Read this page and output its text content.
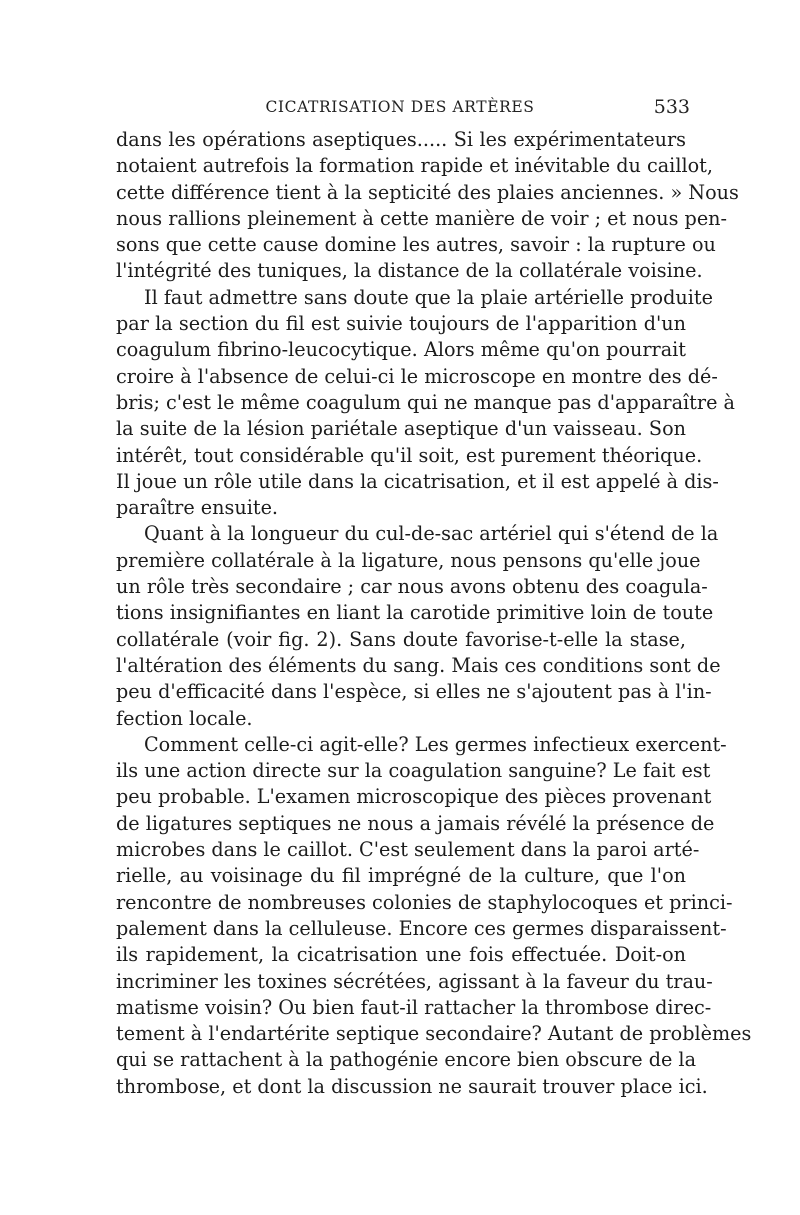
CICATRISATION DES ARTÈRES	533
dans les opérations aseptiques..... Si les expérimentateurs
notaient autrefois la formation rapide et inévitable du caillot,
cette différence tient à la septicité des plaies anciennes. » Nous
nous rallions pleinement à cette manière de voir ; et nous pen-
sons que cette cause domine les autres, savoir : la rupture ou
l'intégrité des tuniques, la distance de la collatérale voisine.
Il faut admettre sans doute que la plaie artérielle produite
par la section du fil est suivie toujours de l'apparition d'un
coagulum fibrino-leucocytique. Alors même qu'on pourrait
croire à l'absence de celui-ci le microscope en montre des dé-
bris; c'est le même coagulum qui ne manque pas d'apparaître à
la suite de la lésion pariétale aseptique d'un vaisseau. Son
intérêt, tout considérable qu'il soit, est purement théorique.
Il joue un rôle utile dans la cicatrisation, et il est appelé à dis-
paraître ensuite.
Quant à la longueur du cul-de-sac artériel qui s'étend de la
première collatérale à la ligature, nous pensons qu'elle joue
un rôle très secondaire ; car nous avons obtenu des coagula-
tions insignifiantes en liant la carotide primitive loin de toute
collatérale (voir fig. 2). Sans doute favorise-t-elle la stase,
l'altération des éléments du sang. Mais ces conditions sont de
peu d'efficacité dans l'espèce, si elles ne s'ajoutent pas à l'in-
fection locale.
Comment celle-ci agit-elle? Les germes infectieux exercent-
ils une action directe sur la coagulation sanguine? Le fait est
peu probable. L'examen microscopique des pièces provenant
de ligatures septiques ne nous a jamais révélé la présence de
microbes dans le caillot. C'est seulement dans la paroi arté-
rielle, au voisinage du fil imprégné de la culture, que l'on
rencontre de nombreuses colonies de staphylocoques et princi-
palement dans la celluleuse. Encore ces germes disparaissent-
ils rapidement, la cicatrisation une fois effectuée. Doit-on
incriminer les toxines sécrétées, agissant à la faveur du trau-
matisme voisin? Ou bien faut-il rattacher la thrombose direc-
tement à l'endartérite septique secondaire? Autant de problèmes
qui se rattachent à la pathogénie encore bien obscure de la
thrombose, et dont la discussion ne saurait trouver place ici.
